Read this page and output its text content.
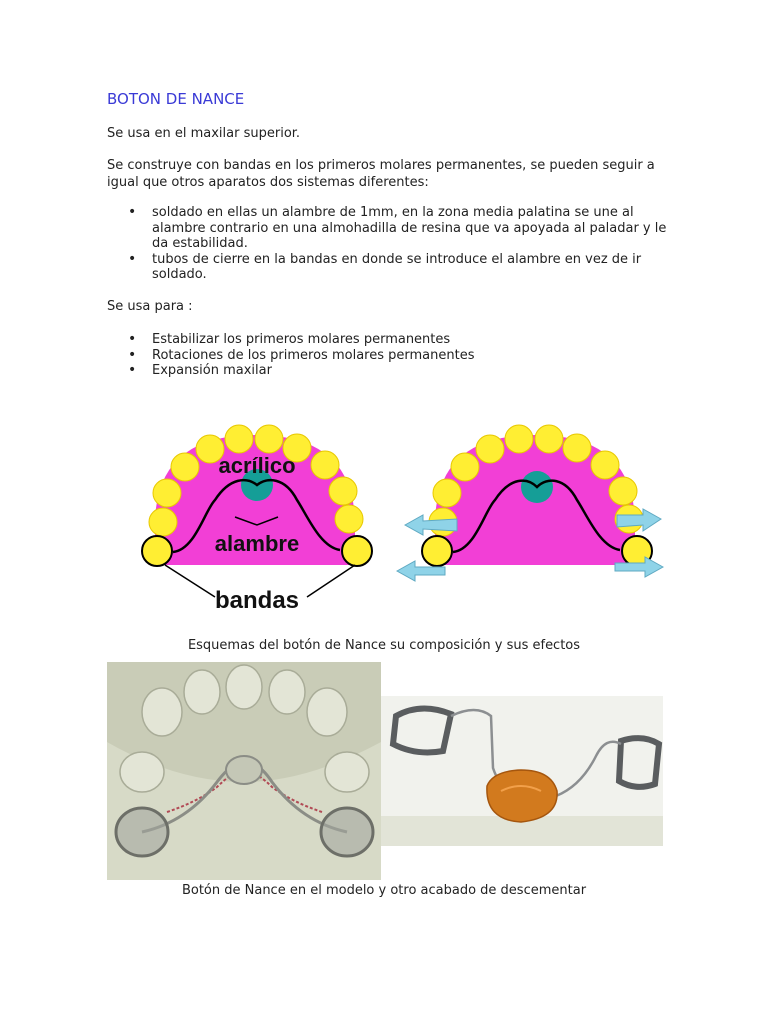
BOTON DE NANCE

Se usa en el maxilar superior.

Se construye con bandas en los primeros molares permanentes, se pueden seguir a igual que otros aparatos dos sistemas diferentes:

• soldado en ellas un alambre de 1mm, en la zona media palatina se une al alambre contrario en una almohadilla de resina que va apoyada al paladar y le da estabilidad.
• tubos de cierre en la bandas en donde se introduce el alambre en vez de ir soldado.

Se usa para :

• Estabilizar los primeros molares permanentes
• Rotaciones de los primeros molares permanentes
• Expansión maxilar
acrílico
alambre
bandas

Esquemas del botón de Nance su composición y sus efectos

Botón de Nance en el modelo y otro acabado de descementar
